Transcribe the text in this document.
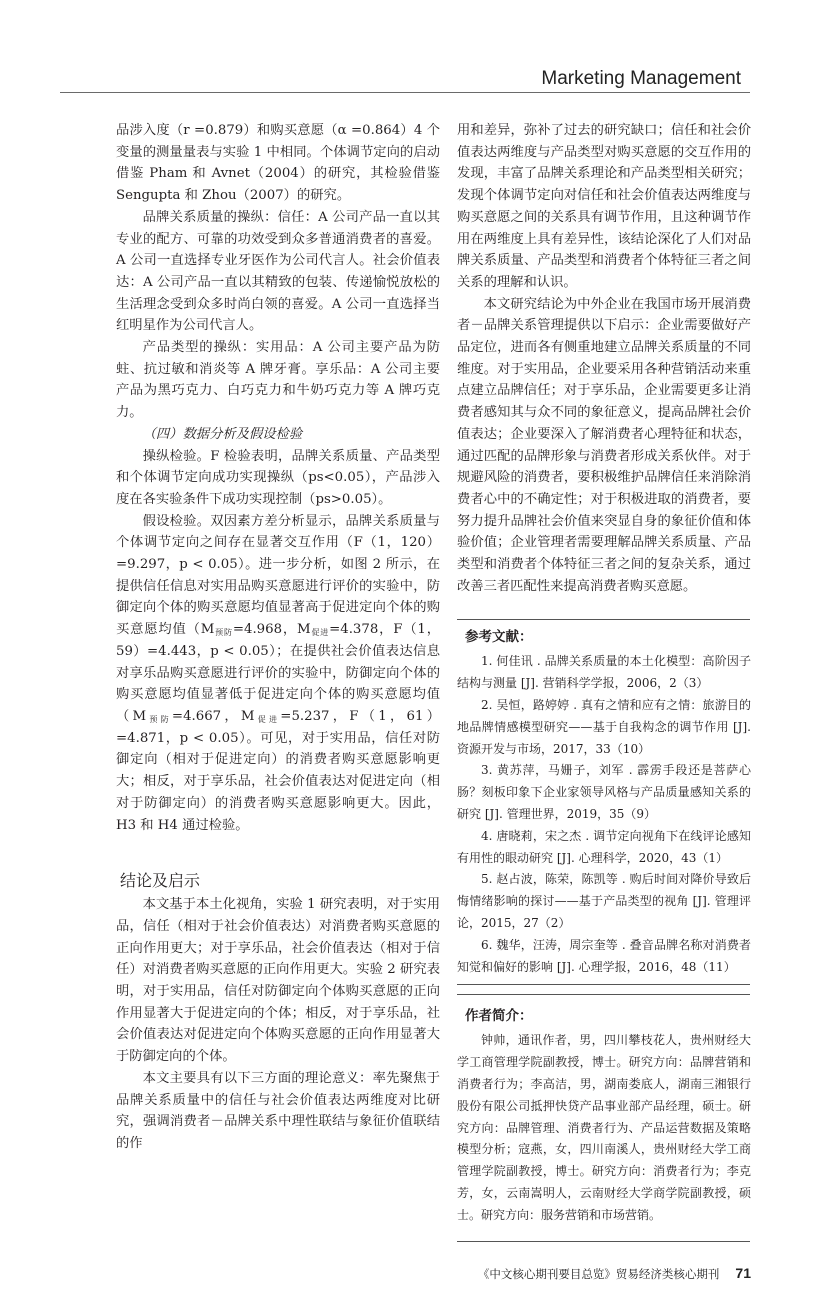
Marketing Management

品涉入度（r =0.879）和购买意愿（α =0.864）4 个变量的测量量表与实验 1 中相同。个体调节定向的启动借鉴 Pham 和 Avnet（2004）的研究，其检验借鉴 Sengupta 和 Zhou（2007）的研究。

品牌关系质量的操纵：信任：A 公司产品一直以其专业的配方、可靠的功效受到众多普通消费者的喜爱。A 公司一直选择专业牙医作为公司代言人。社会价值表达：A 公司产品一直以其精致的包装、传递愉悦放松的生活理念受到众多时尚白领的喜爱。A 公司一直选择当红明星作为公司代言人。

产品类型的操纵：实用品：A 公司主要产品为防蛀、抗过敏和消炎等 A 牌牙膏。享乐品：A 公司主要产品为黑巧克力、白巧克力和牛奶巧克力等 A 牌巧克力。

（四）数据分析及假设检验

操纵检验。F 检验表明，品牌关系质量、产品类型和个体调节定向成功实现操纵（ps<0.05），产品涉入度在各实验条件下成功实现控制（ps>0.05）。

假设检验。双因素方差分析显示，品牌关系质量与个体调节定向之间存在显著交互作用（F（1，120）=9.297，p < 0.05）。进一步分析，如图 2 所示，在提供信任信息对实用品购买意愿进行评价的实验中，防御定向个体的购买意愿均值显著高于促进定向个体的购买意愿均值（$M_{预防}=4.968$，$M_{促进}=4.378$，F（1，59）=4.443，p < 0.05）；在提供社会价值表达信息对享乐品购买意愿进行评价的实验中，防御定向个体的购买意愿均值显著低于促进定向个体的购买意愿均值（$M_{预防}=4.667$，$M_{促进}=5.237$，F（1，61）=4.871，p < 0.05）。可见，对于实用品，信任对防御定向（相对于促进定向）的消费者购买意愿影响更大；相反，对于享乐品，社会价值表达对促进定向（相对于防御定向）的消费者购买意愿影响更大。因此，H3 和 H4 通过检验。

结论及启示

本文基于本土化视角，实验 1 研究表明，对于实用品，信任（相对于社会价值表达）对消费者购买意愿的正向作用更大；对于享乐品，社会价值表达（相对于信任）对消费者购买意愿的正向作用更大。实验 2 研究表明，对于实用品，信任对防御定向个体购买意愿的正向作用显著大于促进定向的个体；相反，对于享乐品，社会价值表达对促进定向个体购买意愿的正向作用显著大于防御定向的个体。

本文主要具有以下三方面的理论意义：率先聚焦于品牌关系质量中的信任与社会价值表达两维度对比研究，强调消费者－品牌关系中理性联结与象征价值联结的作

用和差异，弥补了过去的研究缺口；信任和社会价值表达两维度与产品类型对购买意愿的交互作用的发现，丰富了品牌关系理论和产品类型相关研究；发现个体调节定向对信任和社会价值表达两维度与购买意愿之间的关系具有调节作用，且这种调节作用在两维度上具有差异性，该结论深化了人们对品牌关系质量、产品类型和消费者个体特征三者之间关系的理解和认识。

本文研究结论为中外企业在我国市场开展消费者－品牌关系管理提供以下启示：企业需要做好产品定位，进而各有侧重地建立品牌关系质量的不同维度。对于实用品，企业要采用各种营销活动来重点建立品牌信任；对于享乐品，企业需要更多让消费者感知其与众不同的象征意义，提高品牌社会价值表达；企业要深入了解消费者心理特征和状态，通过匹配的品牌形象与消费者形成关系伙伴。对于规避风险的消费者，要积极维护品牌信任来消除消费者心中的不确定性；对于积极进取的消费者，要努力提升品牌社会价值来突显自身的象征价值和体验价值；企业管理者需要理解品牌关系质量、产品类型和消费者个体特征三者之间的复杂关系，通过改善三者匹配性来提高消费者购买意愿。

参考文献：

1. 何佳讯 . 品牌关系质量的本土化模型：高阶因子结构与测量 [J]. 营销科学学报，2006，2（3）

2. 吴恒，路婷婷 . 真有之情和应有之情：旅游目的地品牌情感模型研究——基于自我构念的调节作用 [J]. 资源开发与市场，2017，33（10）

3. 黄苏萍，马姗子，刘军 . 霹雳手段还是菩萨心肠？刻板印象下企业家领导风格与产品质量感知关系的研究 [J]. 管理世界，2019，35（9）

4. 唐晓莉，宋之杰 . 调节定向视角下在线评论感知有用性的眼动研究 [J]. 心理科学，2020，43（1）

5. 赵占波，陈荣，陈凯等 . 购后时间对降价导致后悔情绪影响的探讨——基于产品类型的视角 [J]. 管理评论，2015，27（2）

6. 魏华，汪涛，周宗奎等 . 叠音品牌名称对消费者知觉和偏好的影响 [J]. 心理学报，2016，48（11）

作者简介：

钟帅，通讯作者，男，四川攀枝花人，贵州财经大学工商管理学院副教授，博士。研究方向：品牌营销和消费者行为；李高洁，男，湖南娄底人，湖南三湘银行股份有限公司抵押快贷产品事业部产品经理，硕士。研究方向：品牌管理、消费者行为、产品运营数据及策略模型分析；寇燕，女，四川南溪人，贵州财经大学工商管理学院副教授，博士。研究方向：消费者行为；李克芳，女，云南嵩明人，云南财经大学商学院副教授，硕士。研究方向：服务营销和市场营销。

《中文核心期刊要目总览》贸易经济类核心期刊 71
